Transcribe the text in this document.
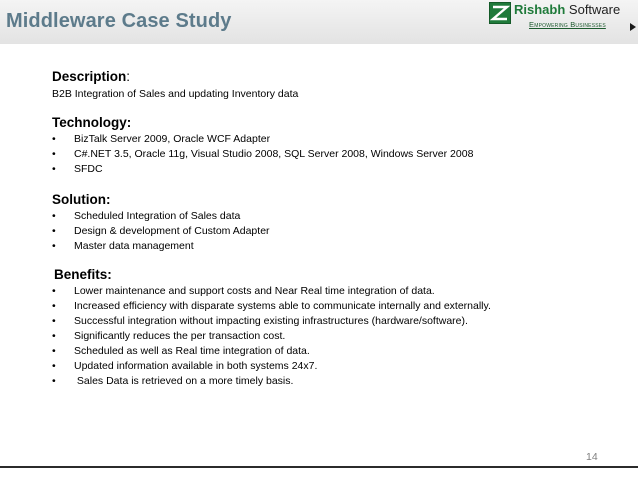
Middleware Case Study
Rishabh Software
Empowering Businesses
Description:
B2B Integration of Sales and updating Inventory data
Technology:
• BizTalk Server 2009, Oracle WCF Adapter
• C#.NET 3.5, Oracle 11g, Visual Studio 2008, SQL Server 2008, Windows Server 2008
• SFDC
Solution:
• Scheduled Integration of Sales data
• Design & development of Custom Adapter
• Master data management
Benefits:
• Lower maintenance and support costs and Near Real time integration of data.
• Increased efficiency with disparate systems able to communicate internally and externally.
• Successful integration without impacting existing infrastructures (hardware/software).
• Significantly reduces the per transaction cost.
• Scheduled as well as Real time integration of data.
• Updated information available in both systems 24x7.
• Sales Data is retrieved on a more timely basis.
14
